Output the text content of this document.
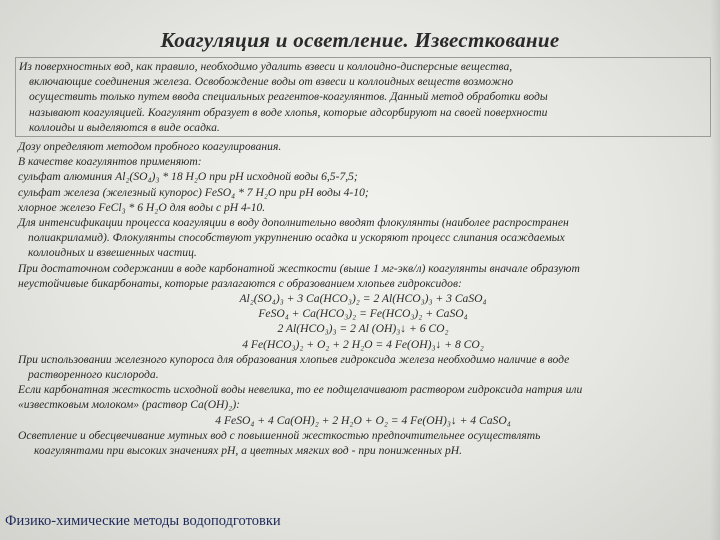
Коагуляция и осветление. Известкование

Из поверхностных вод, как правило, необходимо удалить взвеси и коллоидно-дисперсные вещества,

включающие соединения железа. Освобождение воды от взвеси и коллоидных веществ возможно

осуществить только путем ввода специальных реагентов-коагулянтов. Данный метод обработки воды

называют коагуляцией. Коагулянт образует в воде хлопья, которые адсорбируют на своей поверхности

коллоиды и выделяются в виде осадка.

Дозу определяют методом пробного коагулирования.

В качестве коагулянтов применяют:

сульфат алюминия Al₂(SO₄)₃ * 18 H₂O при pH исходной воды 6,5-7,5;

сульфат железа (железный купорос) FeSO₄ * 7 H₂O при pH воды 4-10;

хлорное железо FeCl₃ * 6 H₂O для воды с pH 4-10.

Для интенсификации процесса коагуляции в воду дополнительно вводят флокулянты (наиболее распространен

полиакриламид). Флокулянты способствуют укрупнению осадка и ускоряют процесс слипания осаждаемых

коллоидных и взвешенных частиц.

При достаточном содержании в воде карбонатной жесткости (выше 1 мг-экв/л) коагулянты вначале образуют

неустойчивые бикарбонаты, которые разлагаются с образованием хлопьев гидроксидов:

Al₂(SO₄)₃ + 3 Ca(HCO₃)₂ = 2 Al(HCO₃)₃ + 3 CaSO₄

FeSO₄ + Ca(HCO₃)₂ = Fe(HCO₃)₂ + CaSO₄

2 Al(HCO₃)₃ = 2 Al (OH)₃↓ + 6 CO₂

4 Fe(HCO₃)₂ + O₂ + 2 H₂O = 4 Fe(OH)₃↓ + 8 CO₂

При использовании железного купороса для образования хлопьев гидроксида железа необходимо наличие в воде

растворенного кислорода.

Если карбонатная жесткость исходной воды невелика, то ее подщелачивают раствором гидроксида натрия или

«известковым молоком» (раствор Ca(OH)₂):

4 FeSO₄ + 4 Ca(OH)₂ + 2 H₂O + O₂ = 4 Fe(OH)₃↓ + 4 CaSO₄

Осветление и обесцвечивание мутных вод с повышенной жесткостью предпочтительнее осуществлять

коагулянтами при высоких значениях pH, а цветных мягких вод - при пониженных pH.

Физико-химические методы водоподготовки
